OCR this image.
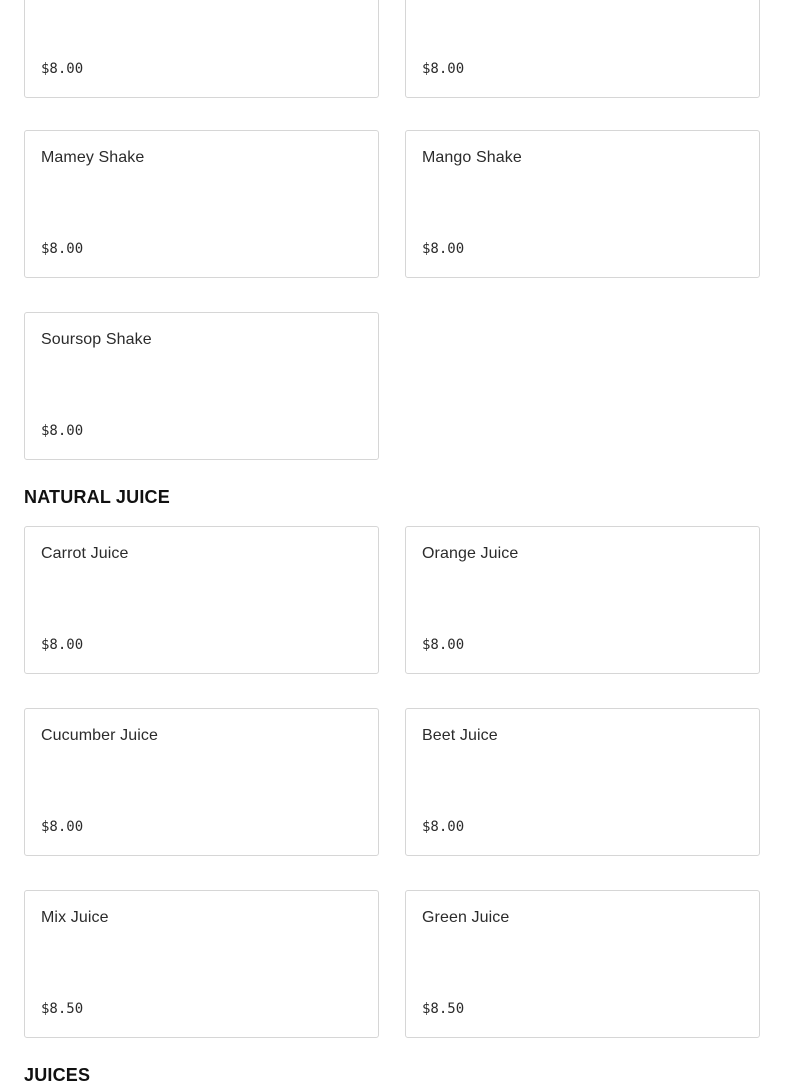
$8.00	$8.00
Mamey Shake
$8.00
Mango Shake
$8.00
Soursop Shake
$8.00
NATURAL JUICE
Carrot Juice
$8.00
Orange Juice
$8.00
Cucumber Juice
$8.00
Beet Juice
$8.00
Mix Juice
$8.50
Green Juice
$8.50
JUICES
